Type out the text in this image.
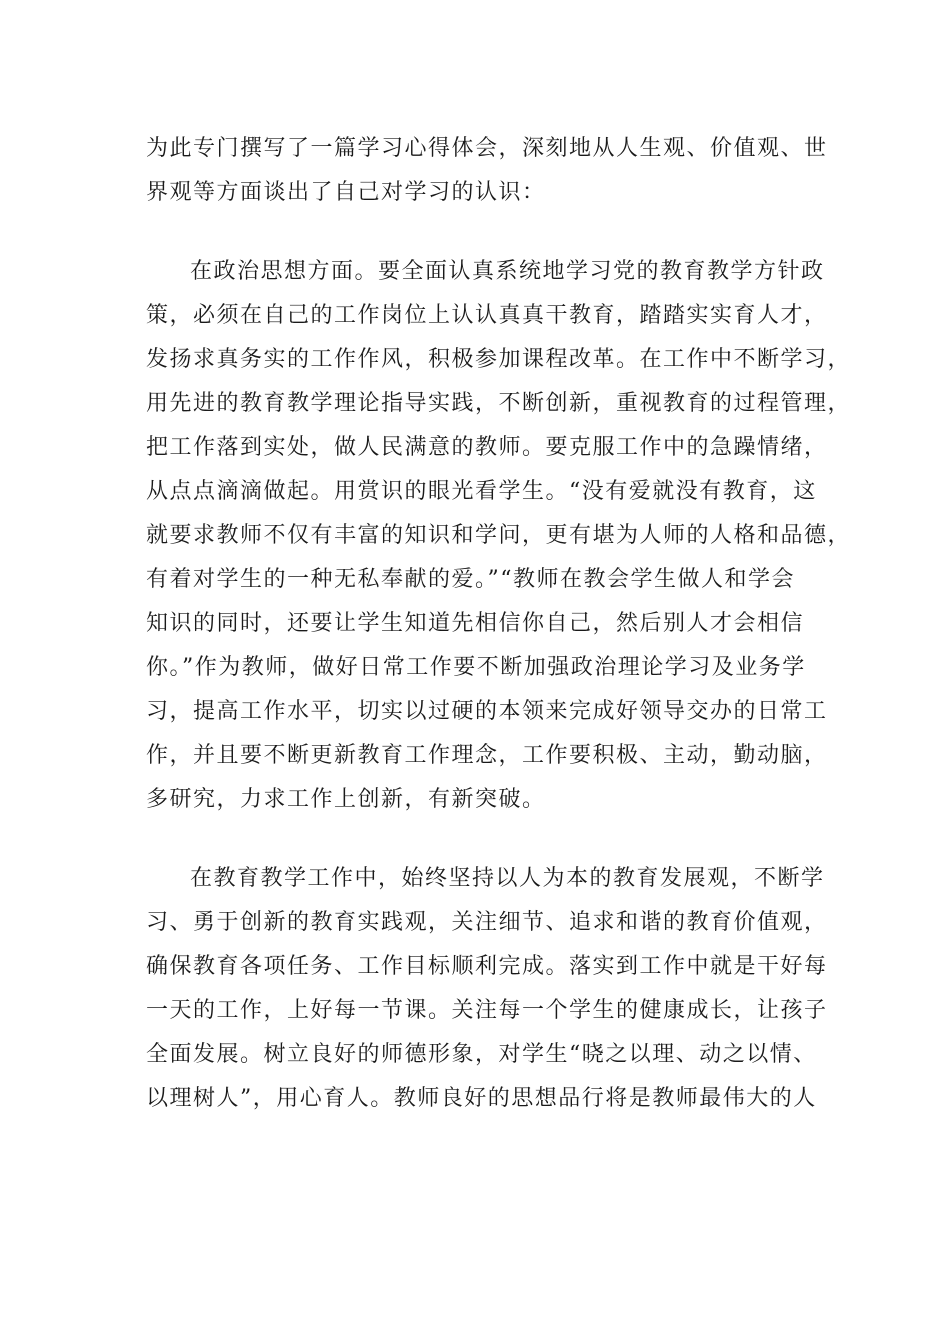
为此专门撰写了一篇学习心得体会，深刻地从人生观、价值观、世
界观等方面谈出了自己对学习的认识：
在政治思想方面。要全面认真系统地学习党的教育教学方针政
策，必须在自己的工作岗位上认认真真干教育，踏踏实实育人才，
发扬求真务实的工作作风，积极参加课程改革。在工作中不断学习，
用先进的教育教学理论指导实践，不断创新，重视教育的过程管理，
把工作落到实处，做人民满意的教师。要克服工作中的急躁情绪，
从点点滴滴做起。用赏识的眼光看学生。“没有爱就没有教育，这
就要求教师不仅有丰富的知识和学问，更有堪为人师的人格和品德，
有着对学生的一种无私奉献的爱。”“教师在教会学生做人和学会
知识的同时，还要让学生知道先相信你自己，然后别人才会相信
你。”作为教师，做好日常工作要不断加强政治理论学习及业务学
习，提高工作水平，切实以过硬的本领来完成好领导交办的日常工
作，并且要不断更新教育工作理念，工作要积极、主动，勤动脑，
多研究，力求工作上创新，有新突破。
在教育教学工作中，始终坚持以人为本的教育发展观，不断学
习、勇于创新的教育实践观，关注细节、追求和谐的教育价值观，
确保教育各项任务、工作目标顺利完成。落实到工作中就是干好每
一天的工作，上好每一节课。关注每一个学生的健康成长，让孩子
全面发展。树立良好的师德形象，对学生“晓之以理、动之以情、
以理树人”，用心育人。教师良好的思想品行将是教师最伟大的人
